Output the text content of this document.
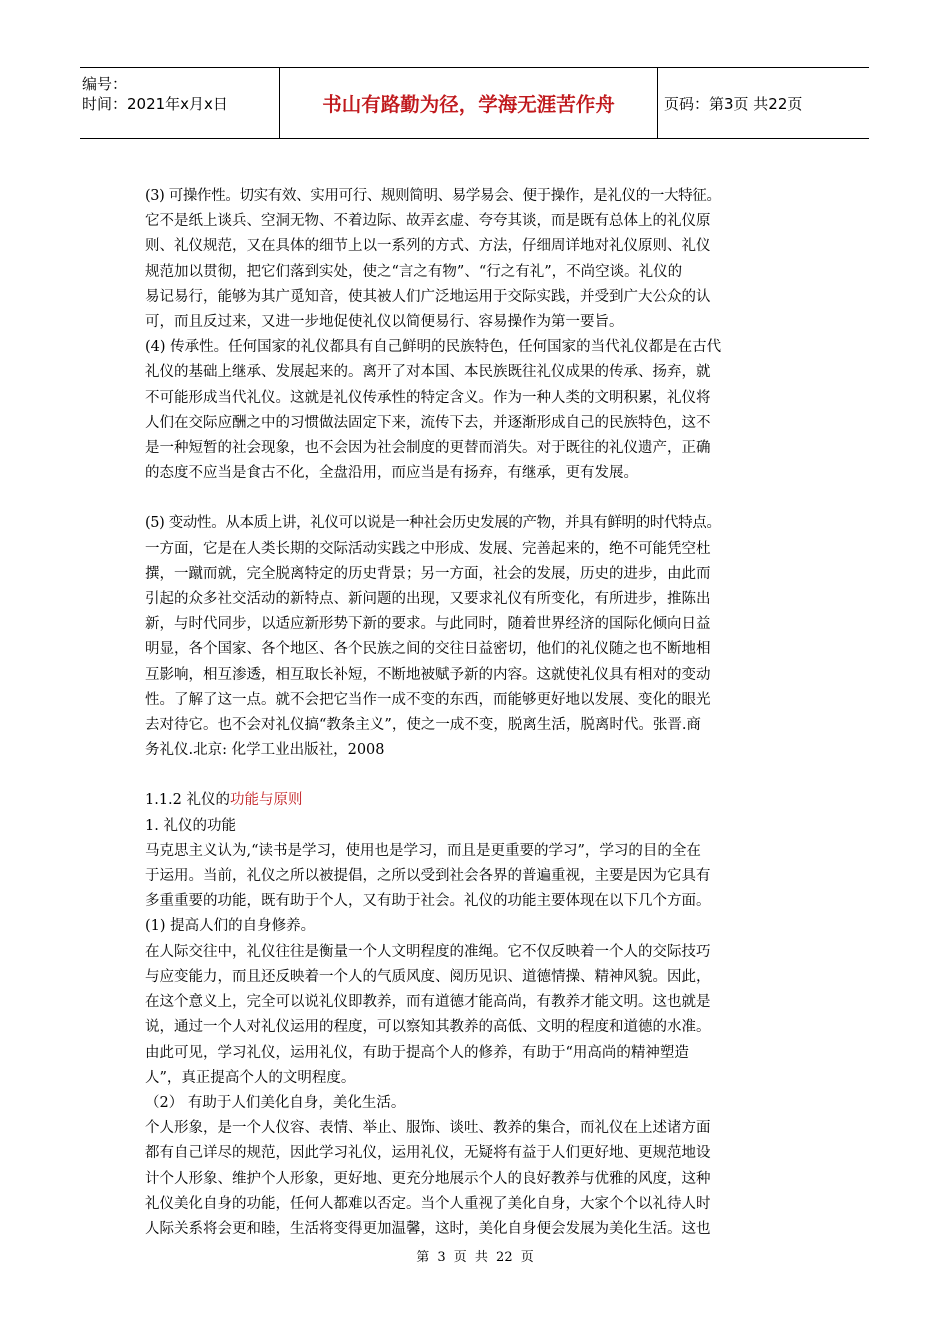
编号：
时间：2021年x月x日	书山有路勤为径，学海无涯苦作舟	页码：第3页 共22页

(3) 可操作性。切实有效、实用可行、规则简明、易学易会、便于操作，是礼仪的一大特征。

它不是纸上谈兵、空洞无物、不着边际、故弄玄虚、夸夸其谈，而是既有总体上的礼仪原

则、礼仪规范，又在具体的细节上以一系列的方式、方法，仔细周详地对礼仪原则、礼仪

规范加以贯彻，把它们落到实处，使之“言之有物”、“行之有礼”，不尚空谈。礼仪的

易记易行，能够为其广觅知音，使其被人们广泛地运用于交际实践，并受到广大公众的认

可，而且反过来，又进一步地促使礼仪以简便易行、容易操作为第一要旨。

(4) 传承性。任何国家的礼仪都具有自己鲜明的民族特色，任何国家的当代礼仪都是在古代

礼仪的基础上继承、发展起来的。离开了对本国、本民族既往礼仪成果的传承、扬弃，就

不可能形成当代礼仪。这就是礼仪传承性的特定含义。作为一种人类的文明积累，礼仪将

人们在交际应酬之中的习惯做法固定下来，流传下去，并逐渐形成自己的民族特色，这不

是一种短暂的社会现象，也不会因为社会制度的更替而消失。对于既往的礼仪遗产，正确

的态度不应当是食古不化，全盘沿用，而应当是有扬弃，有继承，更有发展。

(5) 变动性。从本质上讲，礼仪可以说是一种社会历史发展的产物，并具有鲜明的时代特点。

一方面，它是在人类长期的交际活动实践之中形成、发展、完善起来的，绝不可能凭空杜

撰，一蹴而就，完全脱离特定的历史背景；另一方面，社会的发展，历史的进步，由此而

引起的众多社交活动的新特点、新问题的出现，又要求礼仪有所变化，有所进步，推陈出

新，与时代同步，以适应新形势下新的要求。与此同时，随着世界经济的国际化倾向日益

明显，各个国家、各个地区、各个民族之间的交往日益密切，他们的礼仪随之也不断地相

互影响，相互渗透，相互取长补短，不断地被赋予新的内容。这就使礼仪具有相对的变动

性。了解了这一点。就不会把它当作一成不变的东西，而能够更好地以发展、变化的眼光

去对待它。也不会对礼仪搞“教条主义”，使之一成不变，脱离生活，脱离时代。张晋.商

务礼仪.北京: 化学工业出版社，2008

1.1.2 礼仪的功能与原则

1. 礼仪的功能

马克思主义认为,“读书是学习，使用也是学习，而且是更重要的学习”，学习的目的全在

于运用。当前，礼仪之所以被提倡，之所以受到社会各界的普遍重视，主要是因为它具有

多重重要的功能，既有助于个人，又有助于社会。礼仪的功能主要体现在以下几个方面。

(1) 提高人们的自身修养。

在人际交往中，礼仪往往是衡量一个人文明程度的准绳。它不仅反映着一个人的交际技巧

与应变能力，而且还反映着一个人的气质风度、阅历见识、道德情操、精神风貌。因此，

在这个意义上，完全可以说礼仪即教养，而有道德才能高尚，有教养才能文明。这也就是

说，通过一个人对礼仪运用的程度，可以察知其教养的高低、文明的程度和道德的水准。

由此可见，学习礼仪，运用礼仪，有助于提高个人的修养，有助于“用高尚的精神塑造

人”，真正提高个人的文明程度。

（2） 有助于人们美化自身，美化生活。

个人形象，是一个人仪容、表情、举止、服饰、谈吐、教养的集合，而礼仪在上述诸方面

都有自己详尽的规范，因此学习礼仪，运用礼仪，无疑将有益于人们更好地、更规范地设

计个人形象、维护个人形象，更好地、更充分地展示个人的良好教养与优雅的风度，这种

礼仪美化自身的功能，任何人都难以否定。当个人重视了美化自身，大家个个以礼待人时

人际关系将会更和睦，生活将变得更加温馨，这时，美化自身便会发展为美化生活。这也

第 3 页 共 22 页
